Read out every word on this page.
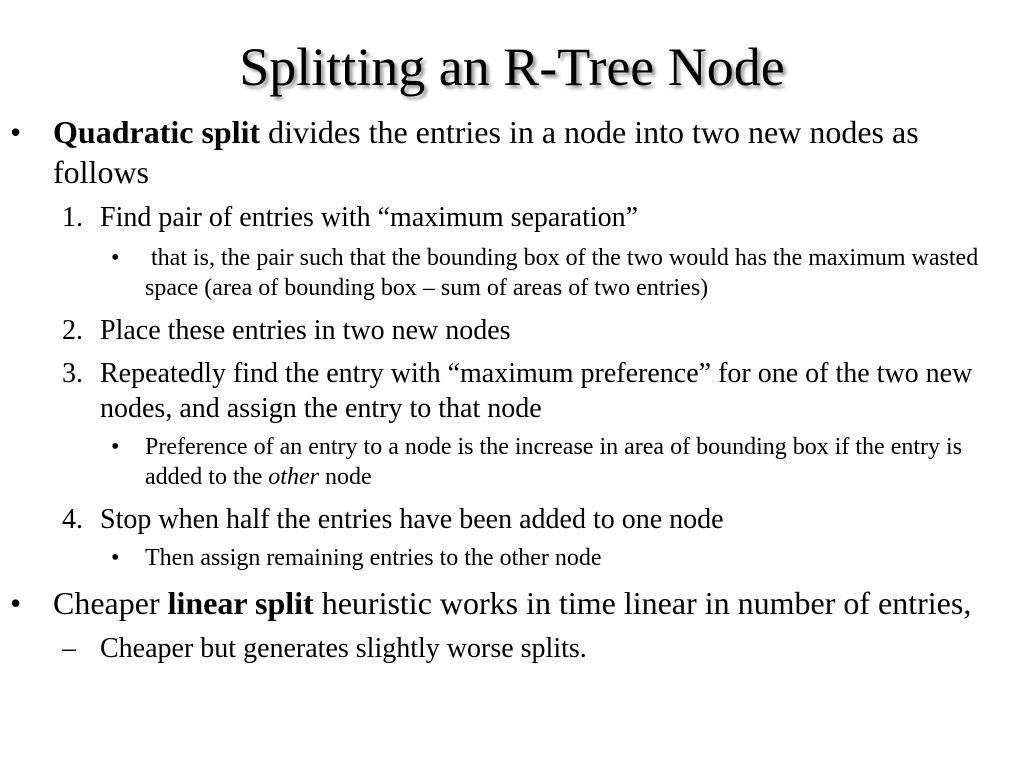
Splitting an R-Tree Node
• Quadratic split divides the entries in a node into two new nodes as follows
1. Find pair of entries with “maximum separation”
• that is, the pair such that the bounding box of the two would has the maximum wasted space (area of bounding box – sum of areas of two entries)
2. Place these entries in two new nodes
3. Repeatedly find the entry with “maximum preference” for one of the two new nodes, and assign the entry to that node
• Preference of an entry to a node is the increase in area of bounding box if the entry is added to the other node
4. Stop when half the entries have been added to one node
• Then assign remaining entries to the other node
• Cheaper linear split heuristic works in time linear in number of entries,
– Cheaper but generates slightly worse splits.
